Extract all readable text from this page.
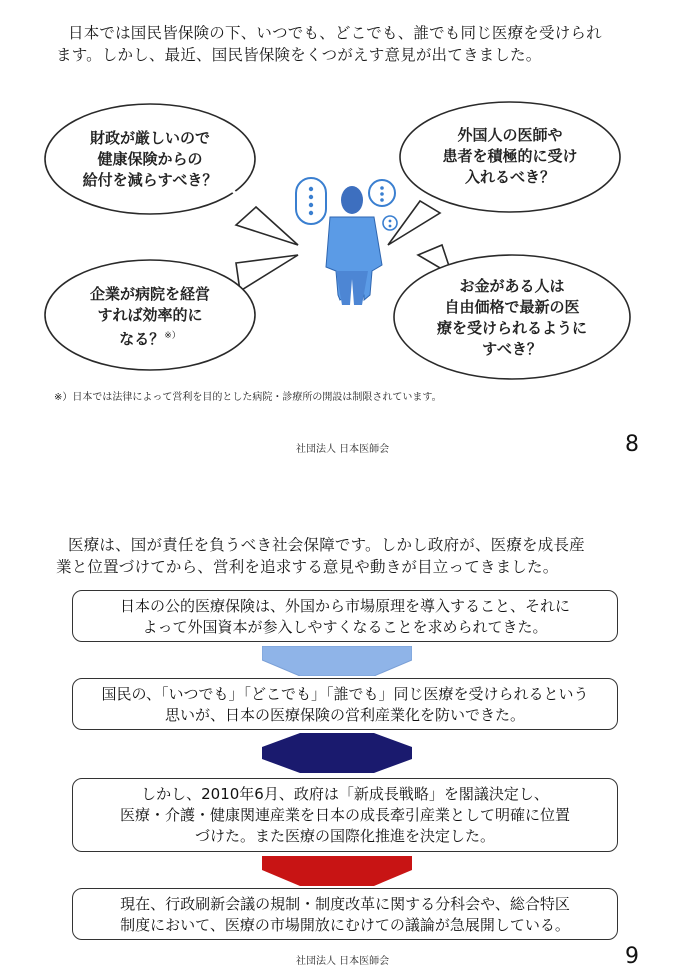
日本では国民皆保険の下、いつでも、どこでも、誰でも同じ医療を受けられ
ます。しかし、最近、国民皆保険をくつがえす意見が出てきました。
財政が厳しいので
健康保険からの
給付を減らすべき？
外国人の医師や
患者を積極的に受け
入れるべき？
企業が病院を経営
すれば効率的に
なる？※）
お金がある人は
自由価格で最新の医
療を受けられるように
すべき？
※）日本では法律によって営利を目的とした病院・診療所の開設は制限されています。
社団法人 日本医師会	8
医療は、国が責任を負うべき社会保障です。しかし政府が、医療を成長産
業と位置づけてから、営利を追求する意見や動きが目立ってきました。
日本の公的医療保険は、外国から市場原理を導入すること、それに
よって外国資本が参入しやすくなることを求められてきた。
国民の、「いつでも」「どこでも」「誰でも」同じ医療を受けられるという
思いが、日本の医療保険の営利産業化を防いできた。
しかし、2010年6月、政府は「新成長戦略」を閣議決定し、
医療・介護・健康関連産業を日本の成長牽引産業として明確に位置
づけた。また医療の国際化推進を決定した。
現在、行政刷新会議の規制・制度改革に関する分科会や、総合特区
制度において、医療の市場開放にむけての議論が急展開している。
社団法人 日本医師会	9
